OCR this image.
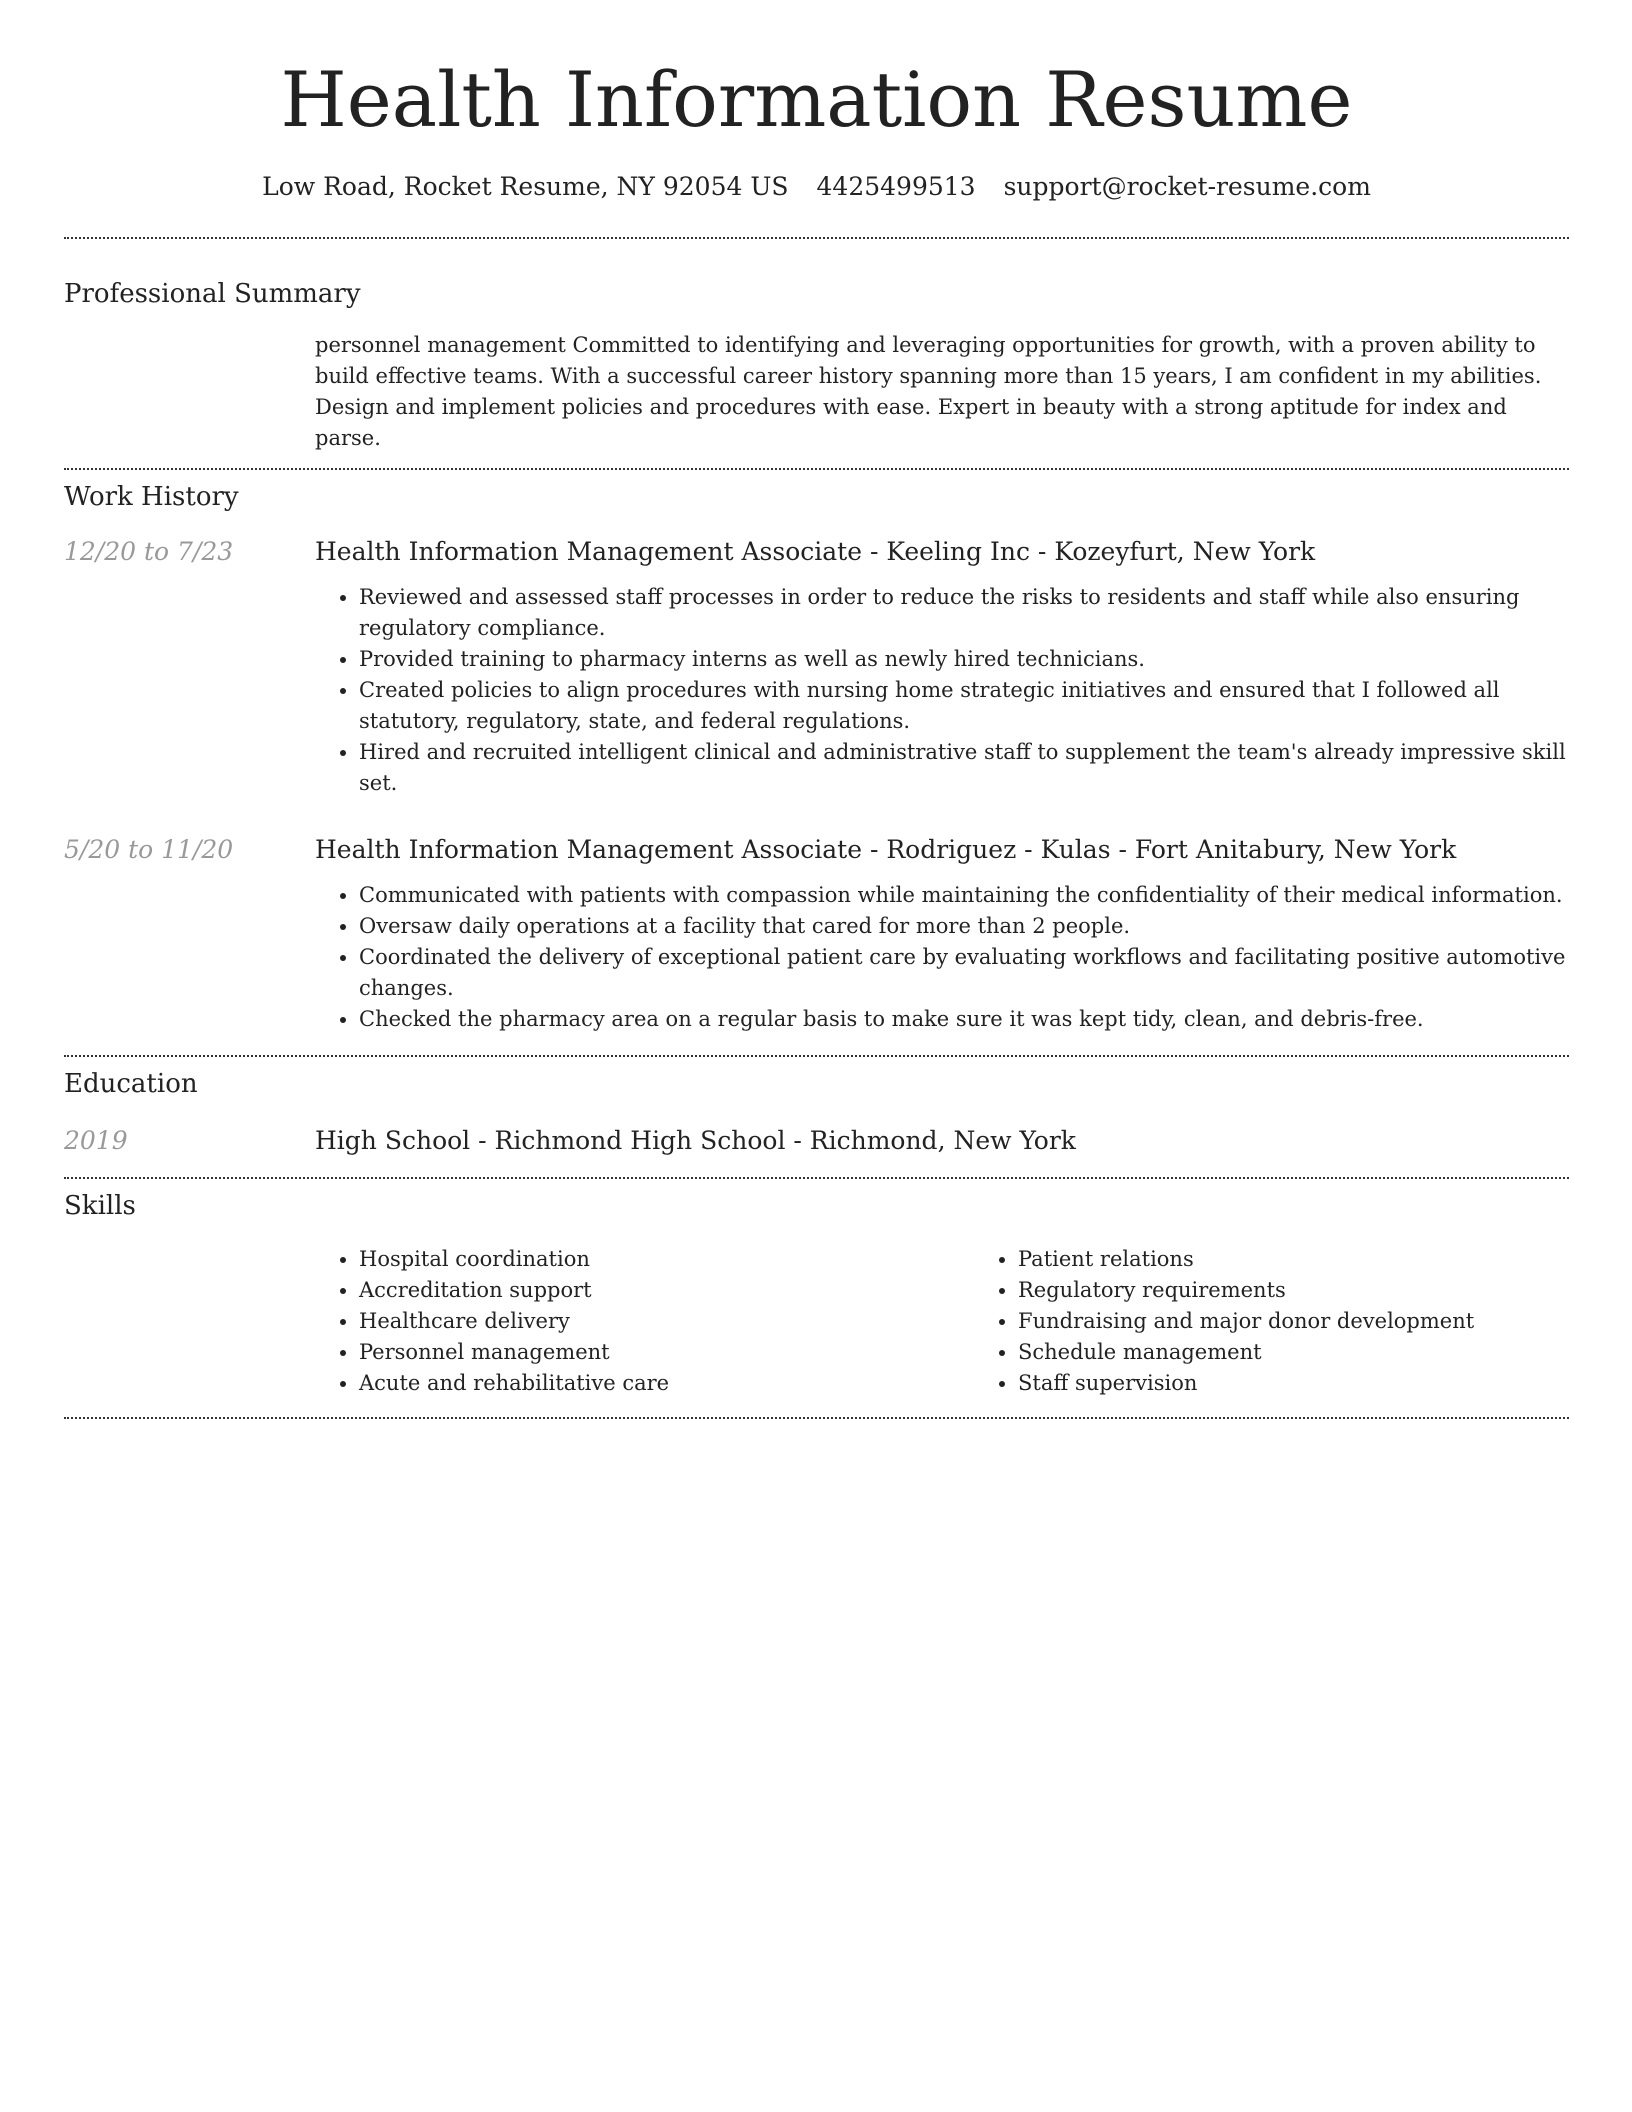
Health Information Resume
Low Road, Rocket Resume, NY 92054 US 4425499513 support@rocket-resume.com
Professional Summary
personnel management Committed to identifying and leveraging opportunities for growth, with a proven ability to build effective teams. With a successful career history spanning more than 15 years, I am confident in my abilities. Design and implement policies and procedures with ease. Expert in beauty with a strong aptitude for index and parse.
Work History
12/20 to 7/23	Health Information Management Associate - Keeling Inc - Kozeyfurt, New York
• Reviewed and assessed staff processes in order to reduce the risks to residents and staff while also ensuring regulatory compliance.
• Provided training to pharmacy interns as well as newly hired technicians.
• Created policies to align procedures with nursing home strategic initiatives and ensured that I followed all statutory, regulatory, state, and federal regulations.
• Hired and recruited intelligent clinical and administrative staff to supplement the team's already impressive skill set.
5/20 to 11/20	Health Information Management Associate - Rodriguez - Kulas - Fort Anitabury, New York
• Communicated with patients with compassion while maintaining the confidentiality of their medical information.
• Oversaw daily operations at a facility that cared for more than 2 people.
• Coordinated the delivery of exceptional patient care by evaluating workflows and facilitating positive automotive changes.
• Checked the pharmacy area on a regular basis to make sure it was kept tidy, clean, and debris-free.
Education
2019	High School - Richmond High School - Richmond, New York
Skills
• Hospital coordination
• Accreditation support
• Healthcare delivery
• Personnel management
• Acute and rehabilitative care
• Patient relations
• Regulatory requirements
• Fundraising and major donor development
• Schedule management
• Staff supervision
